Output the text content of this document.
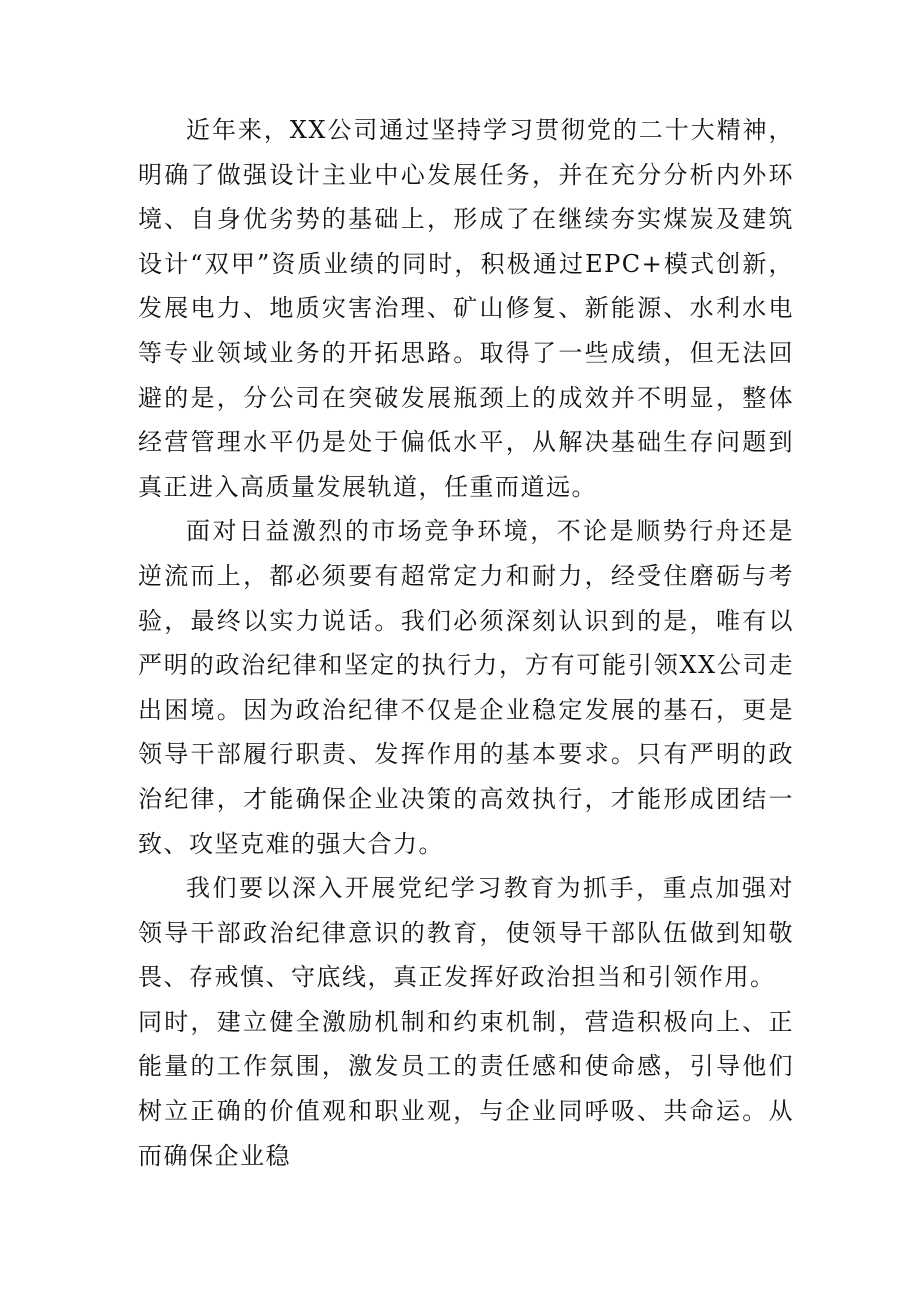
近年来，XX公司通过坚持学习贯彻党的二十大精神，明确了做强设计主业中心发展任务，并在充分分析内外环境、自身优劣势的基础上，形成了在继续夯实煤炭及建筑设计“双甲”资质业绩的同时，积极通过EPC+模式创新，发展电力、地质灾害治理、矿山修复、新能源、水利水电等专业领域业务的开拓思路。取得了一些成绩，但无法回避的是，分公司在突破发展瓶颈上的成效并不明显，整体经营管理水平仍是处于偏低水平，从解决基础生存问题到真正进入高质量发展轨道，任重而道远。

面对日益激烈的市场竞争环境，不论是顺势行舟还是逆流而上，都必须要有超常定力和耐力，经受住磨砺与考验，最终以实力说话。我们必须深刻认识到的是，唯有以严明的政治纪律和坚定的执行力，方有可能引领XX公司走出困境。因为政治纪律不仅是企业稳定发展的基石，更是领导干部履行职责、发挥作用的基本要求。只有严明的政治纪律，才能确保企业决策的高效执行，才能形成团结一致、攻坚克难的强大合力。

我们要以深入开展党纪学习教育为抓手，重点加强对领导干部政治纪律意识的教育，使领导干部队伍做到知敬畏、存戒慎、守底线，真正发挥好政治担当和引领作用。

同时，建立健全激励机制和约束机制，营造积极向上、正能量的工作氛围，激发员工的责任感和使命感，引导他们树立正确的价值观和职业观，与企业同呼吸、共命运。从而确保企业稳
